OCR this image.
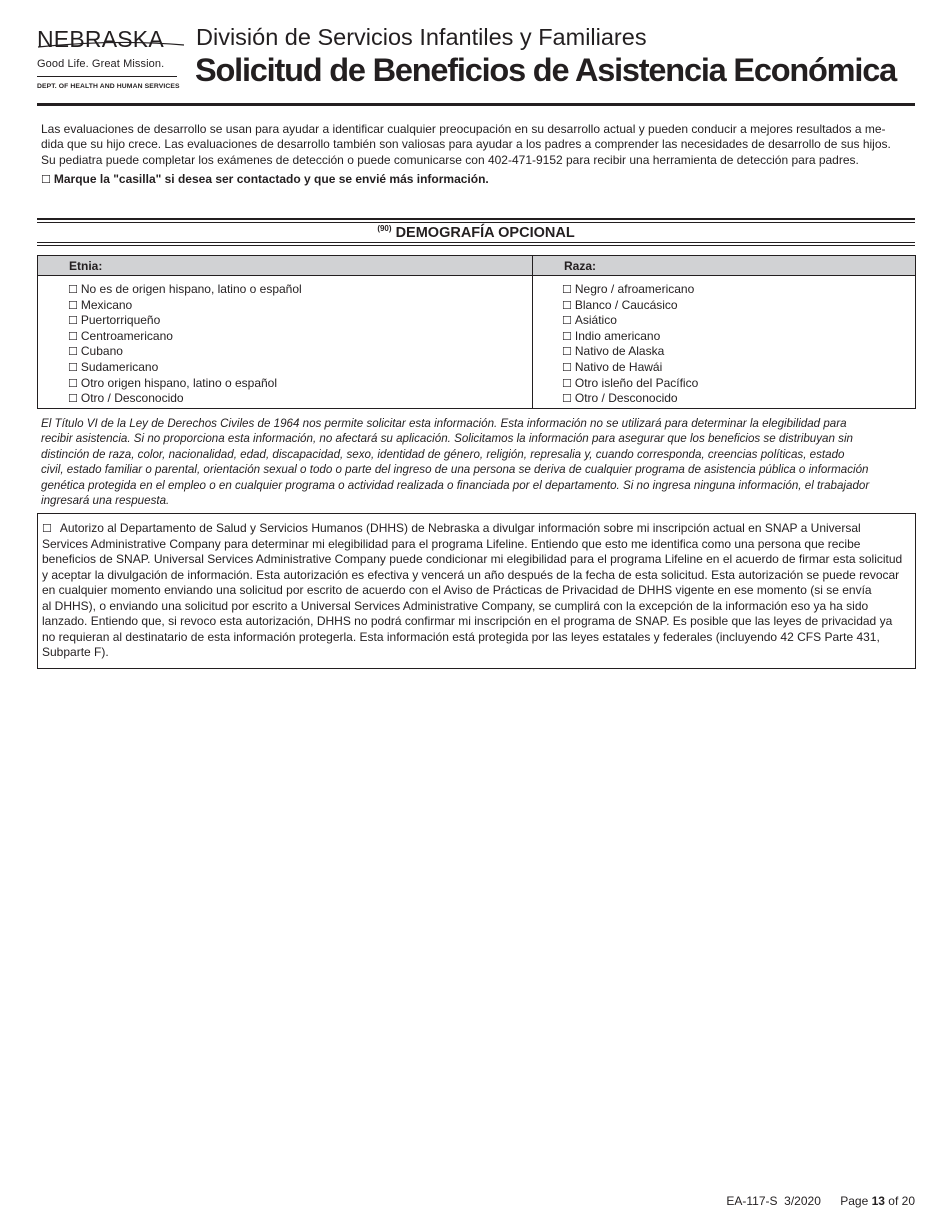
NEBRASKA
Good Life. Great Mission.
DEPT. OF HEALTH AND HUMAN SERVICES
División de Servicios Infantiles y Familiares
Solicitud de Beneficios de Asistencia Económica

Las evaluaciones de desarrollo se usan para ayudar a identificar cualquier preocupación en su desarrollo actual y pueden conducir a mejores resultados a me-

dida que su hijo crece. Las evaluaciones de desarrollo también son valiosas para ayudar a los padres a comprender las necesidades de desarrollo de sus hijos.

Su pediatra puede completar los exámenes de detección o puede comunicarse con 402-471-9152 para recibir una herramienta de detección para padres.

☐ Marque la "casilla" si desea ser contactado y que se envié más información.
$^{(90)}$ DEMOGRAFÍA OPCIONAL
Etnia:	Raza:
☐ No es de origen hispano, latino o español
☐ Mexicano
☐ Puertorriqueño
☐ Centroamericano
☐ Cubano
☐ Sudamericano
☐ Otro origen hispano, latino o español
☐ Otro / Desconocido
☐ Negro / afroamericano
☐ Blanco / Caucásico
☐ Asiático
☐ Indio americano
☐ Nativo de Alaska
☐ Nativo de Hawái
☐ Otro isleño del Pacífico
☐ Otro / Desconocido
El Título VI de la Ley de Derechos Civiles de 1964 nos permite solicitar esta información. Esta información no se utilizará para determinar la elegibilidad para
recibir asistencia. Si no proporciona esta información, no afectará su aplicación. Solicitamos la información para asegurar que los beneficios se distribuyan sin
distinción de raza, color, nacionalidad, edad, discapacidad, sexo, identidad de género, religión, represalia y, cuando corresponda, creencias políticas, estado
civil, estado familiar o parental, orientación sexual o todo o parte del ingreso de una persona se deriva de cualquier programa de asistencia pública o información
genética protegida en el empleo o en cualquier programa o actividad realizada o financiada por el departamento. Si no ingresa ninguna información, el trabajador
ingresará una respuesta.
☐ Autorizo al Departamento de Salud y Servicios Humanos (DHHS) de Nebraska a divulgar información sobre mi inscripción actual en SNAP a Universal
Services Administrative Company para determinar mi elegibilidad para el programa Lifeline. Entiendo que esto me identifica como una persona que recibe
beneficios de SNAP. Universal Services Administrative Company puede condicionar mi elegibilidad para el programa Lifeline en el acuerdo de firmar esta solicitud
y aceptar la divulgación de información. Esta autorización es efectiva y vencerá un año después de la fecha de esta solicitud. Esta autorización se puede revocar
en cualquier momento enviando una solicitud por escrito de acuerdo con el Aviso de Prácticas de Privacidad de DHHS vigente en ese momento (si se envía
al DHHS), o enviando una solicitud por escrito a Universal Services Administrative Company, se cumplirá con la excepción de la información eso ya ha sido
lanzado. Entiendo que, si revoco esta autorización, DHHS no podrá confirmar mi inscripción en el programa de SNAP. Es posible que las leyes de privacidad ya
no requieran al destinatario de esta información protegerla. Esta información está protegida por las leyes estatales y federales (incluyendo 42 CFS Parte 431,
Subparte F).
EA-117-S 3/2020 Page 13 of 20
